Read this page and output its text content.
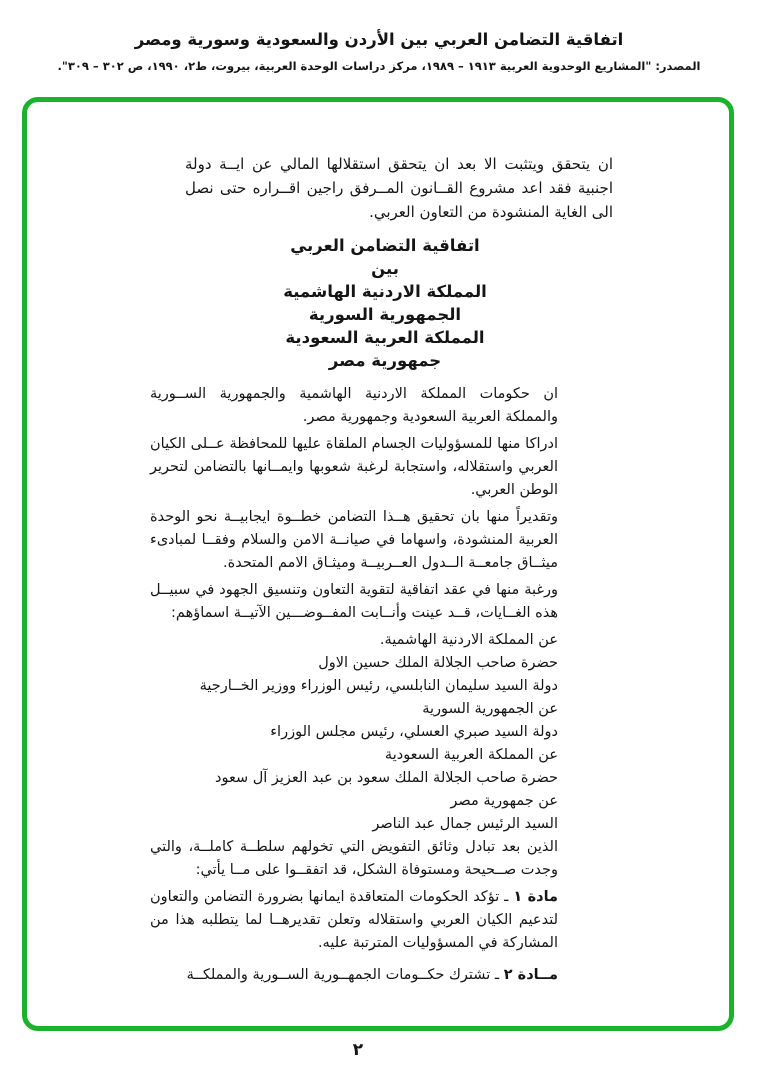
اتفاقية التضامن العربي بين الأردن والسعودية وسورية ومصر
المصدر: "المشاريع الوحدوية العربية ١٩١٣ – ١٩٨٩، مركز دراسات الوحدة العربية، بيروت، ط٢، ١٩٩٠، ص ٣٠٢ – ٣٠٩".
ان يتحقق ويتثبت الا بعد ان يتحقق استقلالها المالي عن ايــة دولة اجنبية فقد اعد مشروع القــانون المــرفق راجين اقــراره حتى نصل الى الغاية المنشودة من التعاون العربي.
اتفاقية التضامن العربي
بين
المملكة الاردنية الهاشمية
الجمهورية السورية
المملكة العربية السعودية
جمهورية مصر

ان حكومات المملكة الاردنية الهاشمية والجمهورية الســورية والمملكة العربية السعودية وجمهورية مصر.

ادراكا منها للمسؤوليات الجسام الملقاة عليها للمحافظة عــلى الكيان العربي واستقلاله، واستجابة لرغبة شعوبها وايمــانها بالتضامن لتحرير الوطن العربي.

وتقديراً منها بان تحقيق هــذا التضامن خطــوة ايجابيــة نحو الوحدة العربية المنشودة، واسهاما في صيانــة الامن والسلام وفقــا لمبادىء ميثــاق جامعــة الــدول العــربيــة وميثـاق الامم المتحدة.

ورغبة منها في عقد اتفاقية لتقوية التعاون وتنسيق الجهود في سبيــل هذه الغــايات، قــد عينت وأنــابت المفــوضـــين الآتيــة اسماؤهم:

عن المملكة الاردنية الهاشمية.
حضرة صاحب الجلالة الملك حسين الاول
دولة السيد سليمان النابلسي، رئيس الوزراء ووزير الخــارجية
عن الجمهورية السورية
دولة السيد صبري العسلي، رئيس مجلس الوزراء
عن المملكة العربية السعودية
حضرة صاحب الجلالة الملك سعود بن عبد العزيز آل سعود
عن جمهورية مصر
السيد الرئيس جمال عبد الناصر

الذين بعد تبادل وثائق التفويض التي تخولهم سلطــة كاملــة، والتي وجدت صــحيحة ومستوفاة الشكل، قد اتفقــوا على مــا يأتي:

مادة ١ ـ تؤكد الحكومات المتعاقدة ايمانها بضرورة التضامن والتعاون لتدعيم الكيان العربي واستقلاله وتعلن تقديرهــا لما يتطلبه هذا من المشاركة في المسؤوليات المترتبة عليه.

مــادة ٢ ـ تشترك حكــومات الجمهــورية الســورية والمملكــة

٢
